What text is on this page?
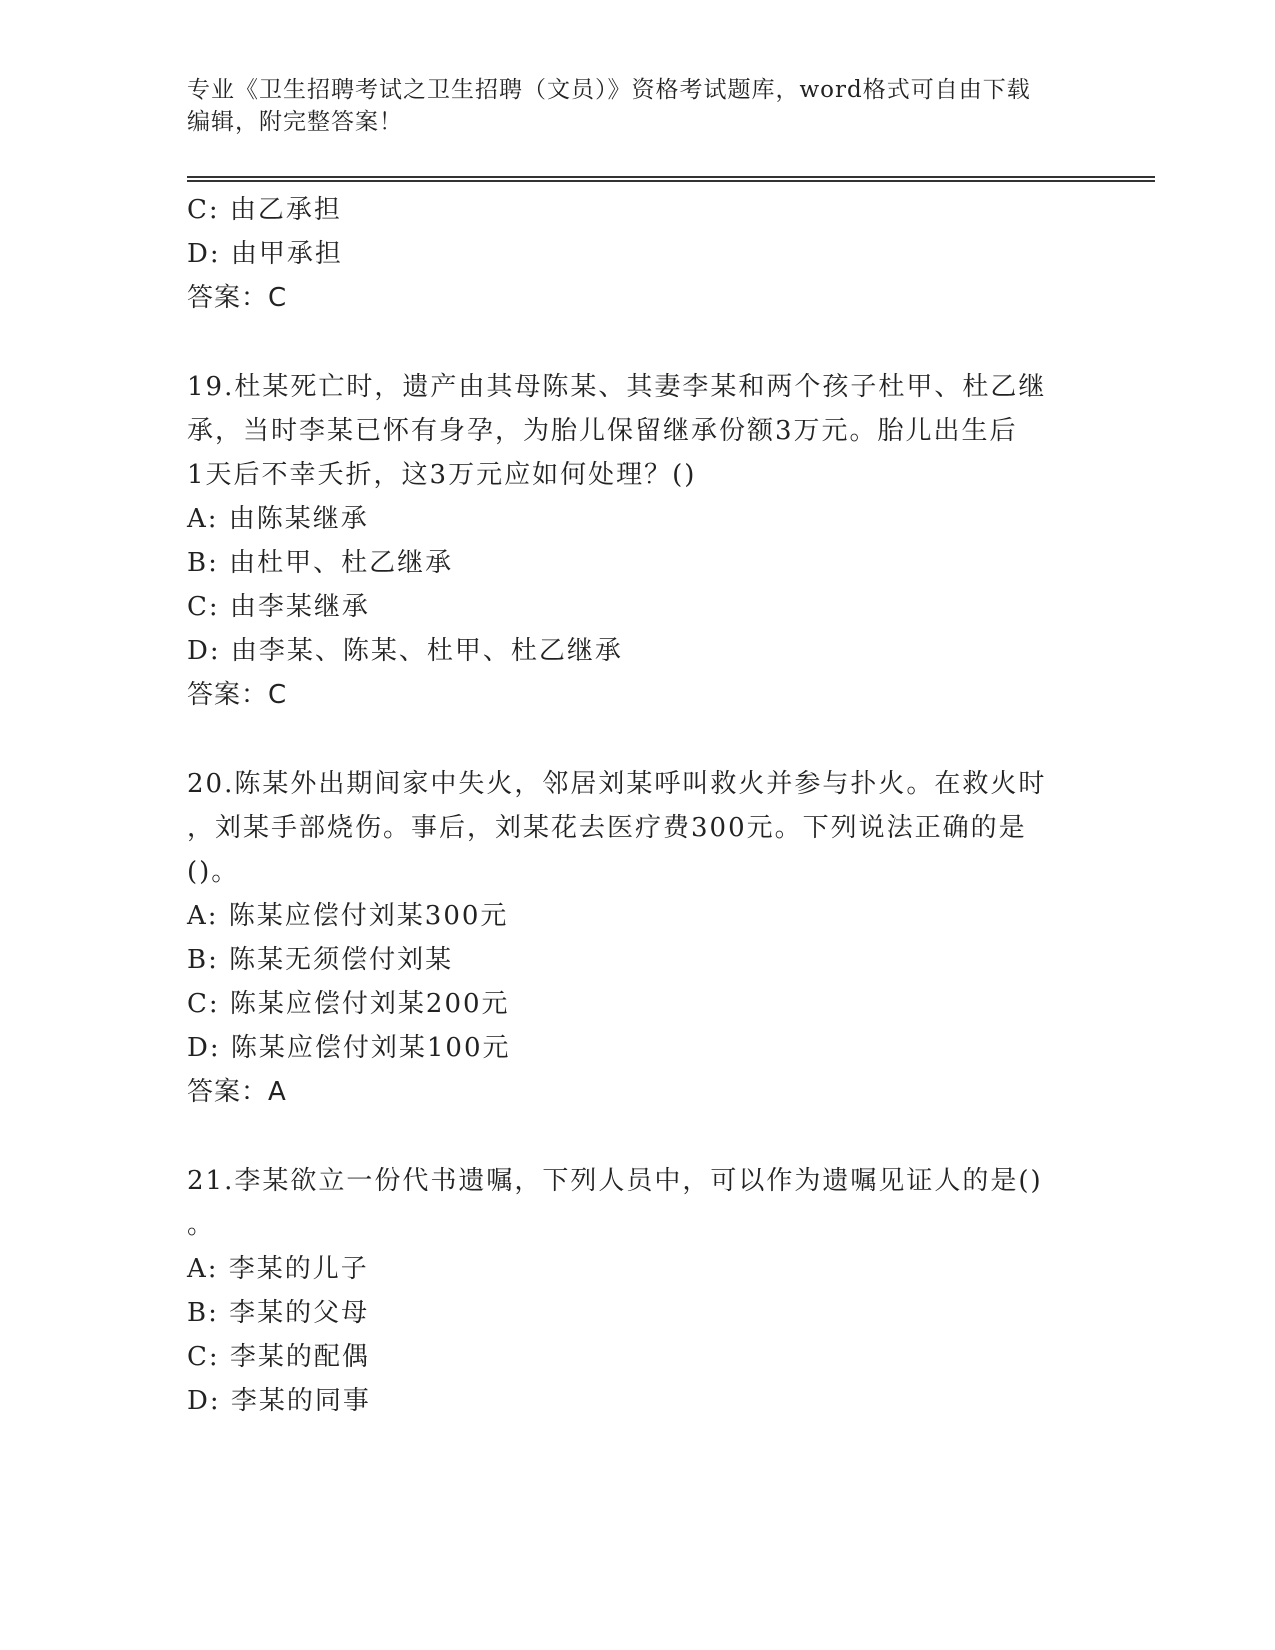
专业《卫生招聘考试之卫生招聘（文员）》资格考试题库，word格式可自由下载
编辑，附完整答案！
C: 由乙承担
D: 由甲承担
答案：C
19.杜某死亡时，遗产由其母陈某、其妻李某和两个孩子杜甲、杜乙继
承，当时李某已怀有身孕，为胎儿保留继承份额3万元。胎儿出生后
1天后不幸夭折，这3万元应如何处理？()
A: 由陈某继承
B: 由杜甲、杜乙继承
C: 由李某继承
D: 由李某、陈某、杜甲、杜乙继承
答案：C
20.陈某外出期间家中失火，邻居刘某呼叫救火并参与扑火。在救火时
，刘某手部烧伤。事后，刘某花去医疗费300元。下列说法正确的是
()。
A: 陈某应偿付刘某300元
B: 陈某无须偿付刘某
C: 陈某应偿付刘某200元
D: 陈某应偿付刘某100元
答案：A
21.李某欲立一份代书遗嘱，下列人员中，可以作为遗嘱见证人的是()
。
A: 李某的儿子
B: 李某的父母
C: 李某的配偶
D: 李某的同事
